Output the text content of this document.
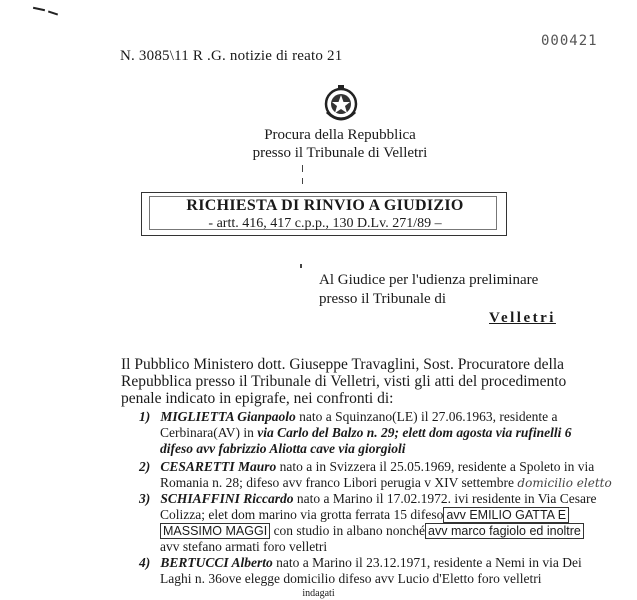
N. 3085\11 R .G. notizie di reato 21
000421
Procura della Repubblica
presso il Tribunale di Velletri
RICHIESTA DI RINVIO A GIUDIZIO
- artt. 416, 417 c.p.p., 130 D.Lv. 271/89 –
Al Giudice per l'udienza preliminare
presso il Tribunale di
Velletri
Il Pubblico Ministero dott. Giuseppe Travaglini, Sost. Procuratore della
Repubblica presso il Tribunale di Velletri, visti gli atti del procedimento
penale indicato in epigrafe, nei confronti di:
1) MIGLIETTA Gianpaolo nato a Squinzano(LE) il 27.06.1963, residente a
Cerbinara(AV) in via Carlo del Balzo n. 29; elett dom agosta via rufinelli 6
difeso avv fabrizzio Aliotta cave via giorgioli
2) CESARETTI Mauro nato a in Svizzera il 25.05.1969, residente a Spoleto in via
Romania n. 28; difeso avv franco Libori perugia v XIV settembre domicilio eletto
3) SCHIAFFINI Riccardo nato a Marino il 17.02.1972. ivi residente in Via Cesare
Colizza; elet dom marino via grotta ferrata 15 difeso avv EMILIO GATTA E
MASSIMO MAGGI con studio in albano nonché avv marco fagiolo ed inoltre
avv stefano armati foro velletri
4) BERTUCCI Alberto nato a Marino il 23.12.1971, residente a Nemi in via Dei
Laghi n. 36ove elegge domicilio difeso avv Lucio d'Eletto foro velletri
indagati
